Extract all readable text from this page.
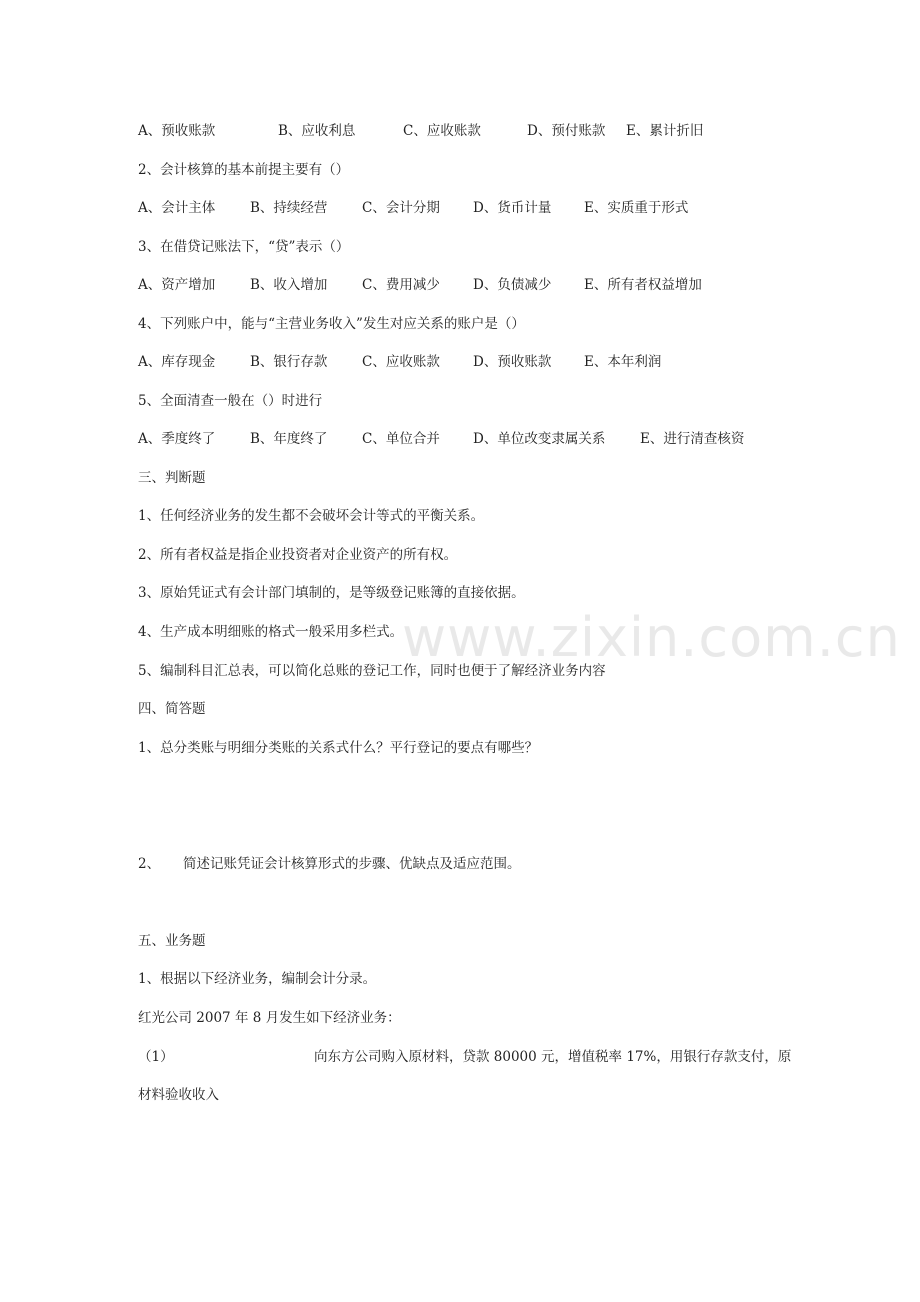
www.zixin.com.cn
A、预收账款	B、应收利息	C、应收账款	D、预付账款 E、累计折旧
2、会计核算的基本前提主要有（）
A、会计主体	B、持续经营	C、会计分期 D、货币计量 E、实质重于形式
3、在借贷记账法下，“贷”表示（）
A、资产增加	B、收入增加	C、费用减少 D、负债减少 E、所有者权益增加
4、下列账户中，能与“主营业务收入”发生对应关系的账户是（）
A、库存现金	B、银行存款	C、应收账款 D、预收账款 E、本年利润
5、全面清查一般在（）时进行
A、季度终了	B、年度终了	C、单位合并 D、单位改变隶属关系	E、进行清查核资
三、判断题
1、任何经济业务的发生都不会破坏会计等式的平衡关系。
2、所有者权益是指企业投资者对企业资产的所有权。
3、原始凭证式有会计部门填制的，是等级登记账簿的直接依据。
4、生产成本明细账的格式一般采用多栏式。
5、编制科目汇总表，可以简化总账的登记工作，同时也便于了解经济业务内容
四、简答题
1、总分类账与明细分类账的关系式什么？平行登记的要点有哪些？
2、 简述记账凭证会计核算形式的步骤、优缺点及适应范围。
五、业务题
1、根据以下经济业务，编制会计分录。
红光公司 2007 年 8 月发生如下经济业务：
（1）	向东方公司购入原材料，贷款 80000 元，增值税率 17%，用银行存款支付，原
材料验收收入
